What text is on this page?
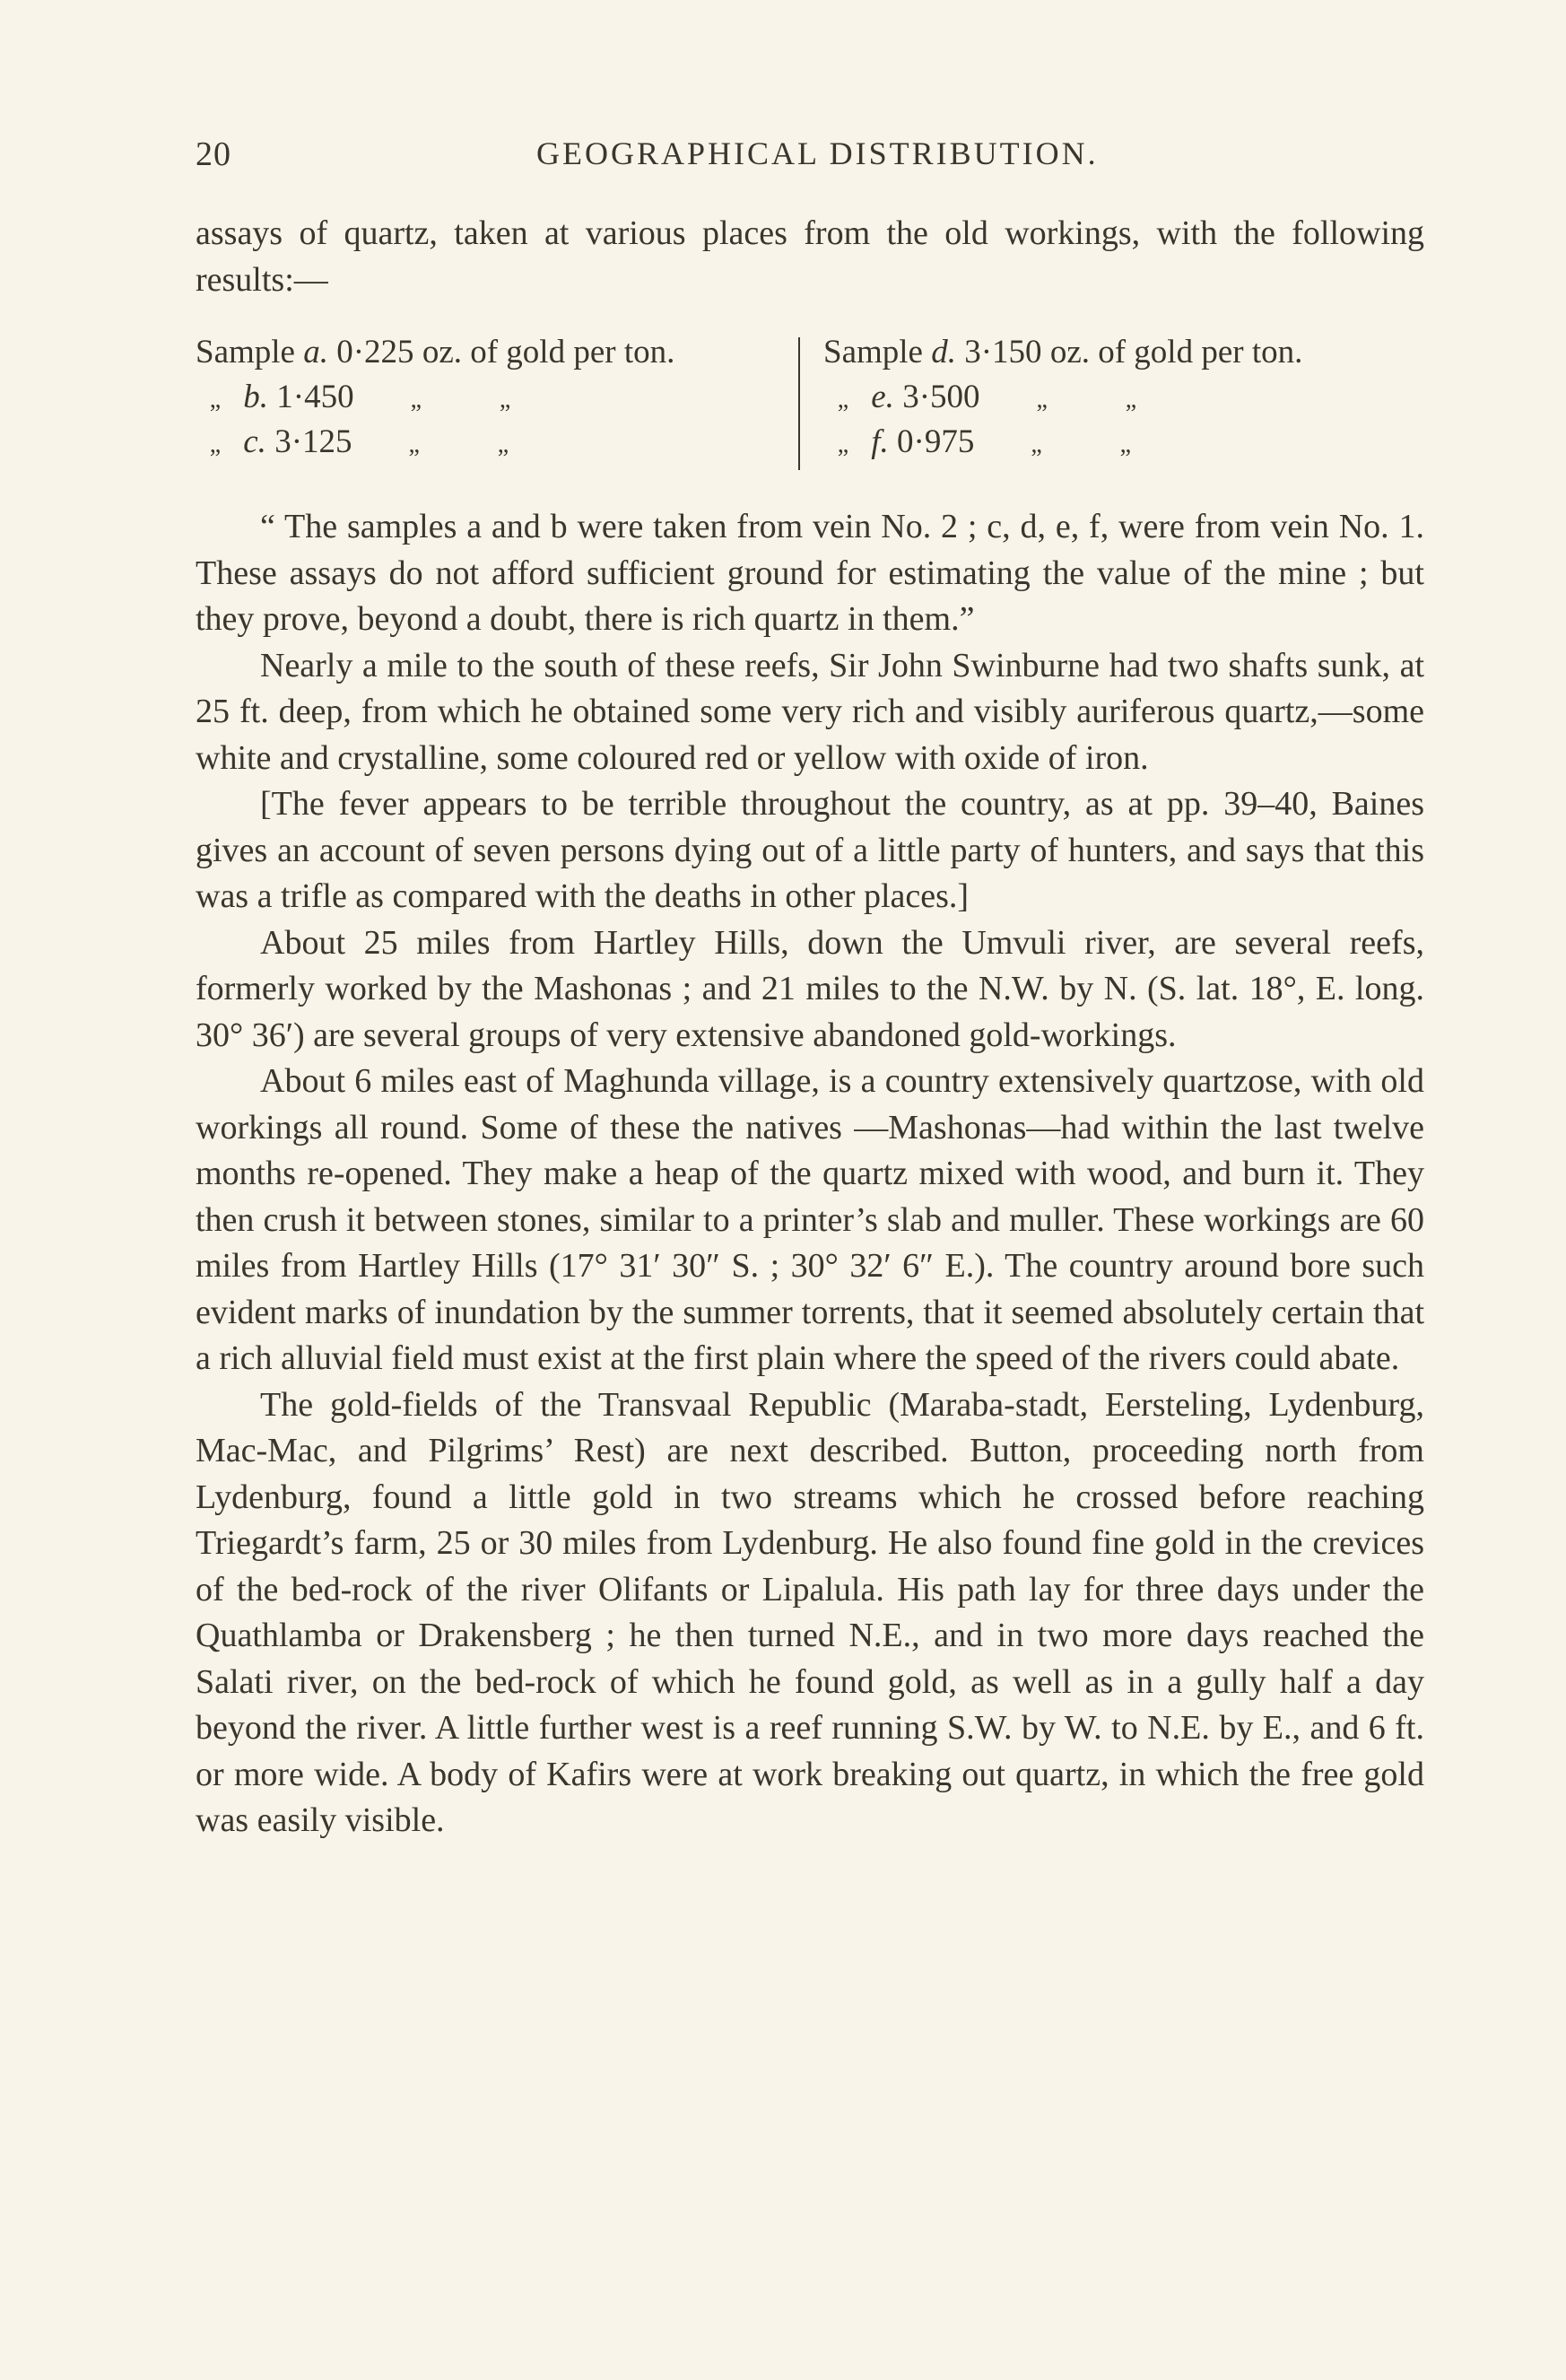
20	GEOGRAPHICAL DISTRIBUTION.

assays of quartz, taken at various places from the old workings, with the following results:—

Sample a. 0·225 oz. of gold per ton.
„ b. 1·450 „	„
„ c. 3·125 „	„
Sample d. 3·150 oz. of gold per ton.
„ e. 3·500 „	„
„ f. 0·975 „	„

“ The samples a and b were taken from vein No. 2 ; c, d, e, f, were from vein No. 1. These assays do not afford sufficient ground for estimating the value of the mine ; but they prove, beyond a doubt, there is rich quartz in them.”

Nearly a mile to the south of these reefs, Sir John Swinburne had two shafts sunk, at 25 ft. deep, from which he obtained some very rich and visibly auriferous quartz,—some white and crystalline, some coloured red or yellow with oxide of iron.

[The fever appears to be terrible throughout the country, as at pp. 39–40, Baines gives an account of seven persons dying out of a little party of hunters, and says that this was a trifle as compared with the deaths in other places.]

About 25 miles from Hartley Hills, down the Umvuli river, are several reefs, formerly worked by the Mashonas ; and 21 miles to the N.W. by N. (S. lat. 18°, E. long. 30° 36′) are several groups of very extensive abandoned gold-workings.

About 6 miles east of Maghunda village, is a country extensively quartzose, with old workings all round. Some of these the natives —Mashonas—had within the last twelve months re-opened. They make a heap of the quartz mixed with wood, and burn it. They then crush it between stones, similar to a printer’s slab and muller. These workings are 60 miles from Hartley Hills (17° 31′ 30″ S. ; 30° 32′ 6″ E.). The country around bore such evident marks of inundation by the summer torrents, that it seemed absolutely certain that a rich alluvial field must exist at the first plain where the speed of the rivers could abate.

The gold-fields of the Transvaal Republic (Maraba-stadt, Eersteling, Lydenburg, Mac-Mac, and Pilgrims’ Rest) are next described. Button, proceeding north from Lydenburg, found a little gold in two streams which he crossed before reaching Triegardt’s farm, 25 or 30 miles from Lydenburg. He also found fine gold in the crevices of the bed-rock of the river Olifants or Lipalula. His path lay for three days under the Quathlamba or Drakensberg ; he then turned N.E., and in two more days reached the Salati river, on the bed-rock of which he found gold, as well as in a gully half a day beyond the river. A little further west is a reef running S.W. by W. to N.E. by E., and 6 ft. or more wide. A body of Kafirs were at work breaking out quartz, in which the free gold was easily visible.
